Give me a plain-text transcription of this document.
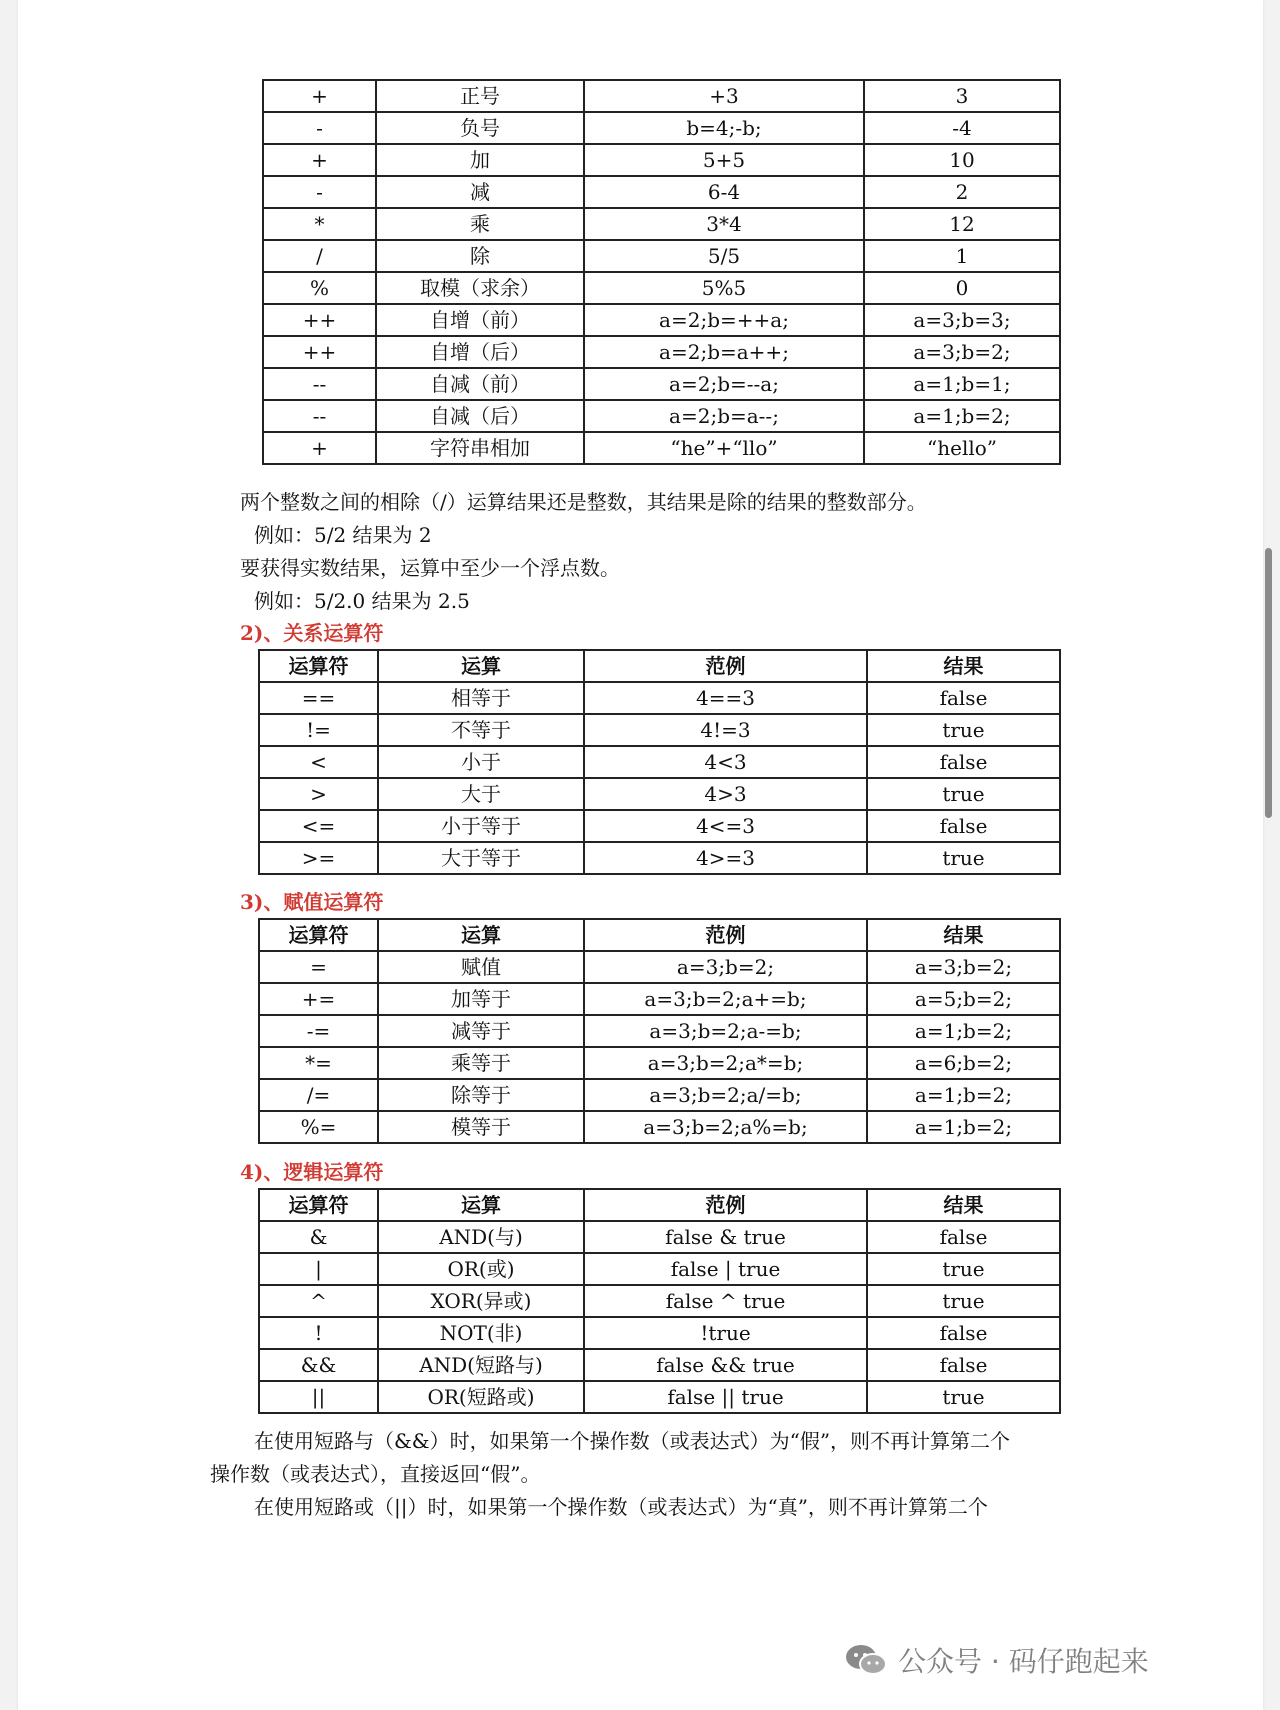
+	正号	+3	3
-	负号	b=4;-b;	-4
+	加	5+5	10
-	减	6-4	2
*	乘	3*4	12
/	除	5/5	1
%	取模（求余）	5%5	0
++	自增（前）	a=2;b=++a;	a=3;b=3;
++	自增（后）	a=2;b=a++;	a=3;b=2;
--	自减（前）	a=2;b=--a;	a=1;b=1;
--	自减（后）	a=2;b=a--;	a=1;b=2;
+	字符串相加	“he”+“llo”	“hello”
两个整数之间的相除（/）运算结果还是整数，其结果是除的结果的整数部分。
例如：5/2 结果为 2
要获得实数结果，运算中至少一个浮点数。
例如：5/2.0 结果为 2.5
2)、关系运算符
运算符	运算	范例	结果
==	相等于	4==3	false
!=	不等于	4!=3	true
<	小于	4<3	false
>	大于	4>3	true
<=	小于等于	4<=3	false
>=	大于等于	4>=3	true
3)、赋值运算符
运算符	运算	范例	结果
=	赋值	a=3;b=2;	a=3;b=2;
+=	加等于	a=3;b=2;a+=b;	a=5;b=2;
-=	减等于	a=3;b=2;a-=b;	a=1;b=2;
*=	乘等于	a=3;b=2;a*=b;	a=6;b=2;
/=	除等于	a=3;b=2;a/=b;	a=1;b=2;
%=	模等于	a=3;b=2;a%=b;	a=1;b=2;
4)、逻辑运算符
运算符	运算	范例	结果
&	AND(与)	false & true	false
|	OR(或)	false | true	true
^	XOR(异或)	false ^ true	true
!	NOT(非)	!true	false
&&	AND(短路与)	false && true	false
||	OR(短路或)	false || true	true
在使用短路与（&&）时，如果第一个操作数（或表达式）为“假”，则不再计算第二个
操作数（或表达式），直接返回“假”。
在使用短路或（||）时，如果第一个操作数（或表达式）为“真”，则不再计算第二个
公众号 · 码仔跑起来
